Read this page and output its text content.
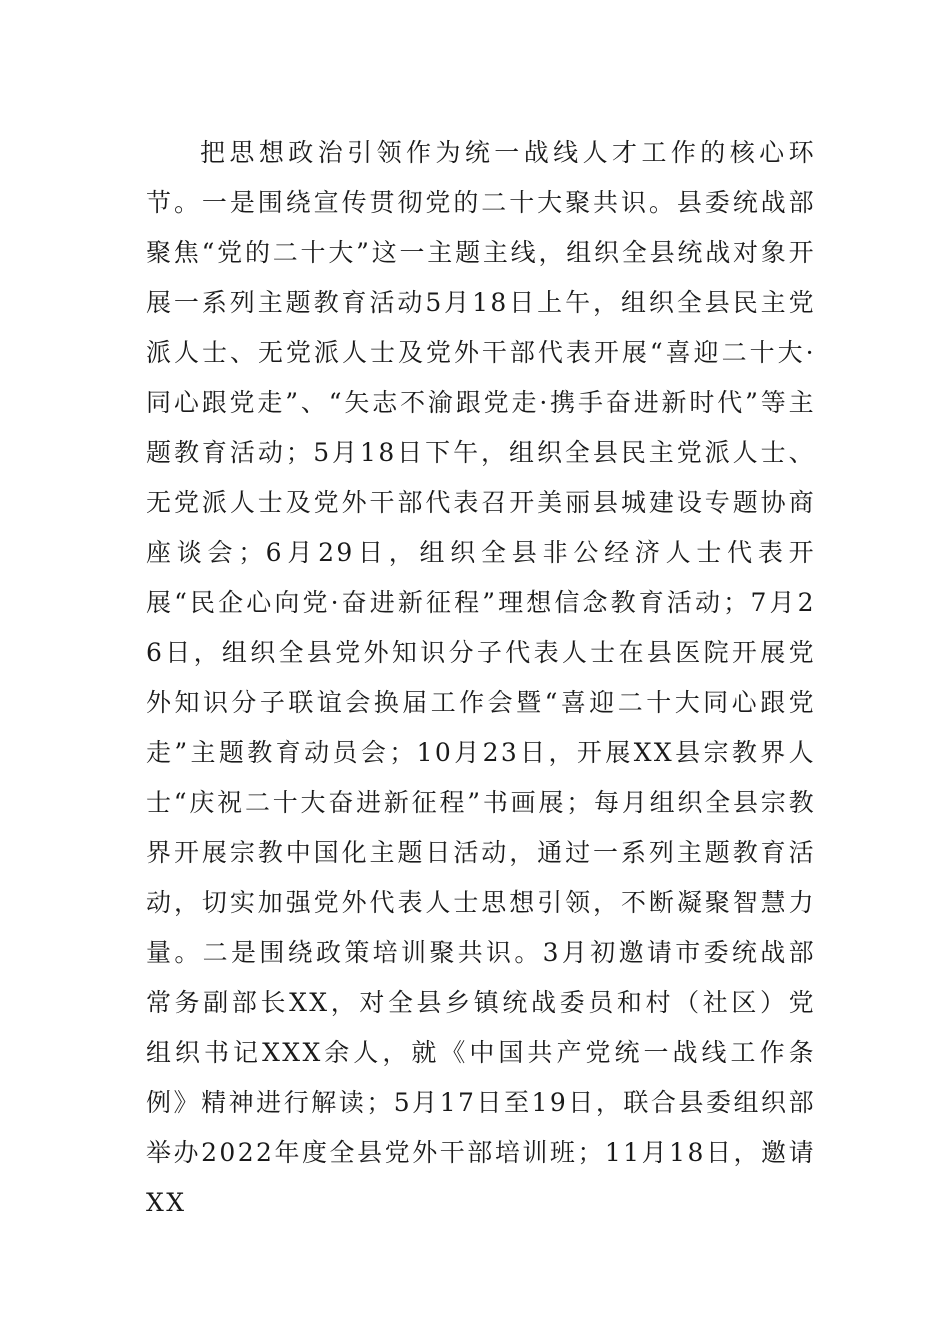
把思想政治引领作为统一战线人才工作的核心环节。一是围绕宣传贯彻党的二十大聚共识。县委统战部聚焦“党的二十大”这一主题主线，组织全县统战对象开展一系列主题教育活动5月18日上午，组织全县民主党派人士、无党派人士及党外干部代表开展“喜迎二十大·同心跟党走”、“矢志不渝跟党走·携手奋进新时代”等主题教育活动；5月18日下午，组织全县民主党派人士、无党派人士及党外干部代表召开美丽县城建设专题协商座谈会；6月29日，组织全县非公经济人士代表开展“民企心向党·奋进新征程”理想信念教育活动；7月26日，组织全县党外知识分子代表人士在县医院开展党外知识分子联谊会换届工作会暨“喜迎二十大同心跟党走”主题教育动员会；10月23日，开展XX县宗教界人士“庆祝二十大奋进新征程”书画展；每月组织全县宗教界开展宗教中国化主题日活动，通过一系列主题教育活动，切实加强党外代表人士思想引领，不断凝聚智慧力量。二是围绕政策培训聚共识。3月初邀请市委统战部常务副部长XX，对全县乡镇统战委员和村（社区）党组织书记XXX余人，就《中国共产党统一战线工作条例》精神进行解读；5月17日至19日，联合县委组织部举办2022年度全县党外干部培训班；11月18日，邀请XX
